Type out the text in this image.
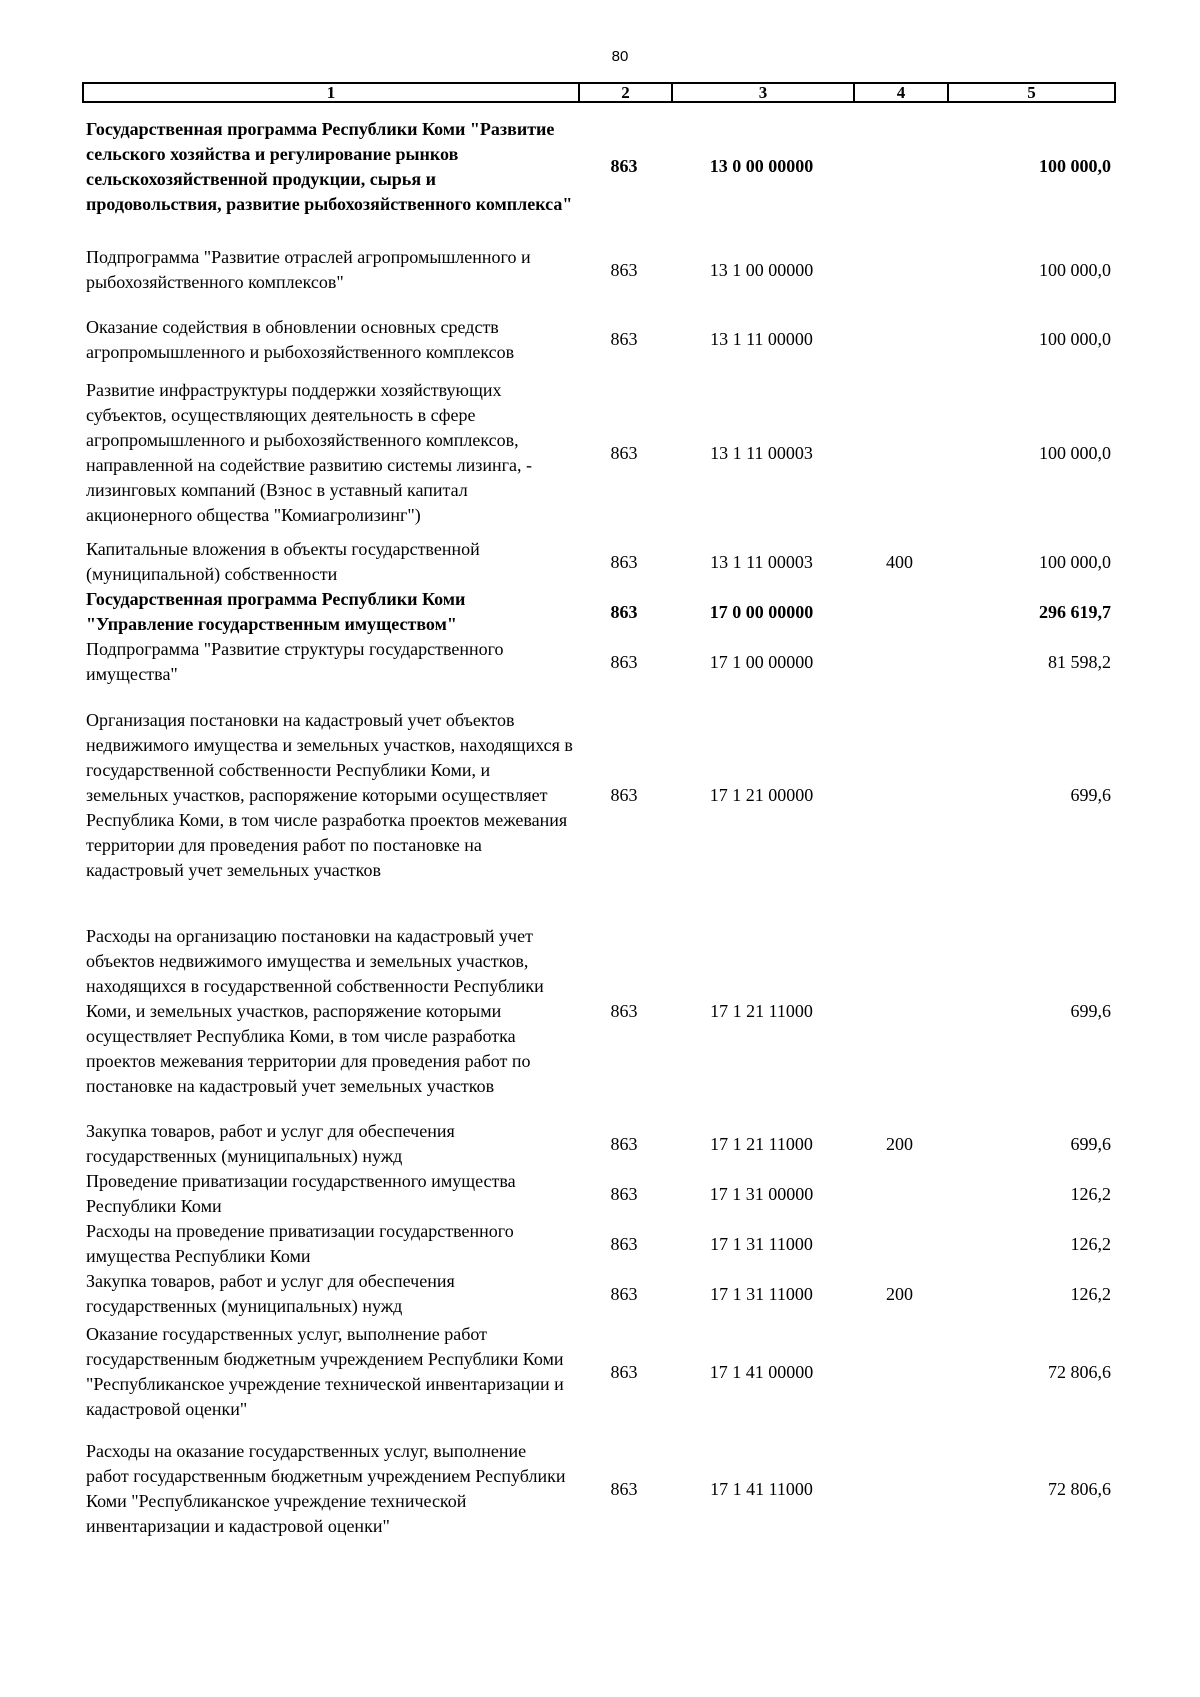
80
1	2	3	4	5
Государственная программа Республики Коми "Развитие сельского хозяйства и регулирование рынков сельскохозяйственной продукции, сырья и продовольствия, развитие рыбохозяйственного комплекса"	863	13 0 00 00000		100 000,0
Подпрограмма "Развитие отраслей агропромышленного и рыбохозяйственного комплексов"	863	13 1 00 00000		100 000,0
Оказание содействия в обновлении основных средств агропромышленного и рыбохозяйственного комплексов	863	13 1 11 00000		100 000,0
Развитие инфраструктуры поддержки хозяйствующих субъектов, осуществляющих деятельность в сфере агропромышленного и рыбохозяйственного комплексов, направленной на содействие развитию системы лизинга, - лизинговых компаний (Взнос в уставный капитал акционерного общества "Комиагролизинг")	863	13 1 11 00003		100 000,0
Капитальные вложения в объекты государственной (муниципальной) собственности	863	13 1 11 00003	400	100 000,0
Государственная программа Республики Коми "Управление государственным имуществом"	863	17 0 00 00000		296 619,7
Подпрограмма "Развитие структуры государственного имущества"	863	17 1 00 00000		81 598,2
Организация постановки на кадастровый учет объектов недвижимого имущества и земельных участков, находящихся в государственной собственности Республики Коми, и земельных участков, распоряжение которыми осуществляет Республика Коми, в том числе разработка проектов межевания территории для проведения работ по постановке на кадастровый учет земельных участков	863	17 1 21 00000		699,6
Расходы на организацию постановки на кадастровый учет объектов недвижимого имущества и земельных участков, находящихся в государственной собственности Республики Коми, и земельных участков, распоряжение которыми осуществляет Республика Коми, в том числе разработка проектов межевания территории для проведения работ по постановке на кадастровый учет земельных участков	863	17 1 21 11000		699,6
Закупка товаров, работ и услуг для обеспечения государственных (муниципальных) нужд	863	17 1 21 11000	200	699,6
Проведение приватизации государственного имущества Республики Коми	863	17 1 31 00000		126,2
Расходы на проведение приватизации государственного имущества Республики Коми	863	17 1 31 11000		126,2
Закупка товаров, работ и услуг для обеспечения государственных (муниципальных) нужд	863	17 1 31 11000	200	126,2
Оказание государственных услуг, выполнение работ государственным бюджетным учреждением Республики Коми "Республиканское учреждение технической инвентаризации и кадастровой оценки"	863	17 1 41 00000		72 806,6
Расходы на оказание государственных услуг, выполнение работ государственным бюджетным учреждением Республики Коми "Республиканское учреждение технической инвентаризации и кадастровой оценки"	863	17 1 41 11000		72 806,6
